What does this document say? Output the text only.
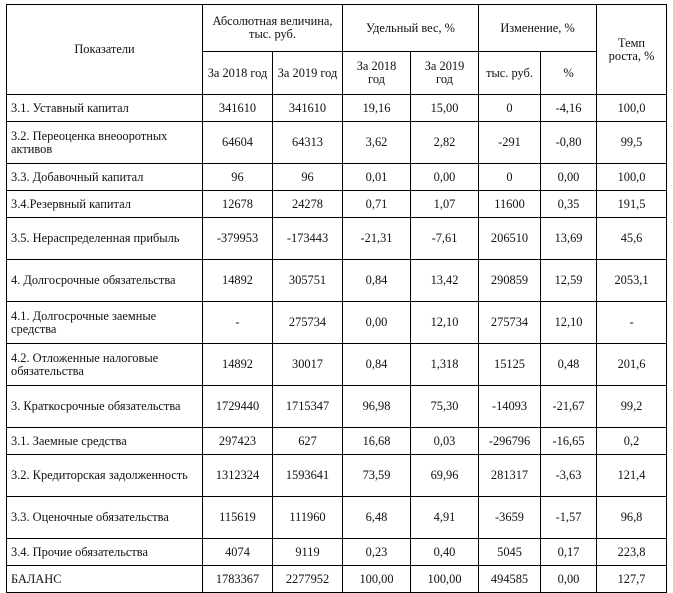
Показатели	Абсолютная величина, тыс. руб.		Удельный вес, %		Изменение, %		Темп роста, %
	За 2018 год	За 2019 год	За 2018 год	За 2019 год	тыс. руб.	%	
3.1. Уставный капитал	341610	341610	19,16	15,00	0	-4,16	100,0
3.2. Переоценка внеооротных активов	64604	64313	3,62	2,82	-291	-0,80	99,5
3.3. Добавочный капитал	96	96	0,01	0,00	0	0,00	100,0
3.4.Резервный капитал	12678	24278	0,71	1,07	11600	0,35	191,5
3.5. Нераспределенная прибыль	-379953	-173443	-21,31	-7,61	206510	13,69	45,6
4. Долгосрочные обязательства	14892	305751	0,84	13,42	290859	12,59	2053,1
4.1. Долгосрочные заемные средства	-	275734	0,00	12,10	275734	12,10	-
4.2. Отложенные налоговые обязательства	14892	30017	0,84	1,318	15125	0,48	201,6
3. Краткосрочные обязательства	1729440	1715347	96,98	75,30	-14093	-21,67	99,2
3.1. Заемные средства	297423	627	16,68	0,03	-296796	-16,65	0,2
3.2. Кредиторская задолженность	1312324	1593641	73,59	69,96	281317	-3,63	121,4
3.3. Оценочные обязательства	115619	111960	6,48	4,91	-3659	-1,57	96,8
3.4. Прочие обязательства	4074	9119	0,23	0,40	5045	0,17	223,8
БАЛАНС	1783367	2277952	100,00	100,00	494585	0,00	127,7
